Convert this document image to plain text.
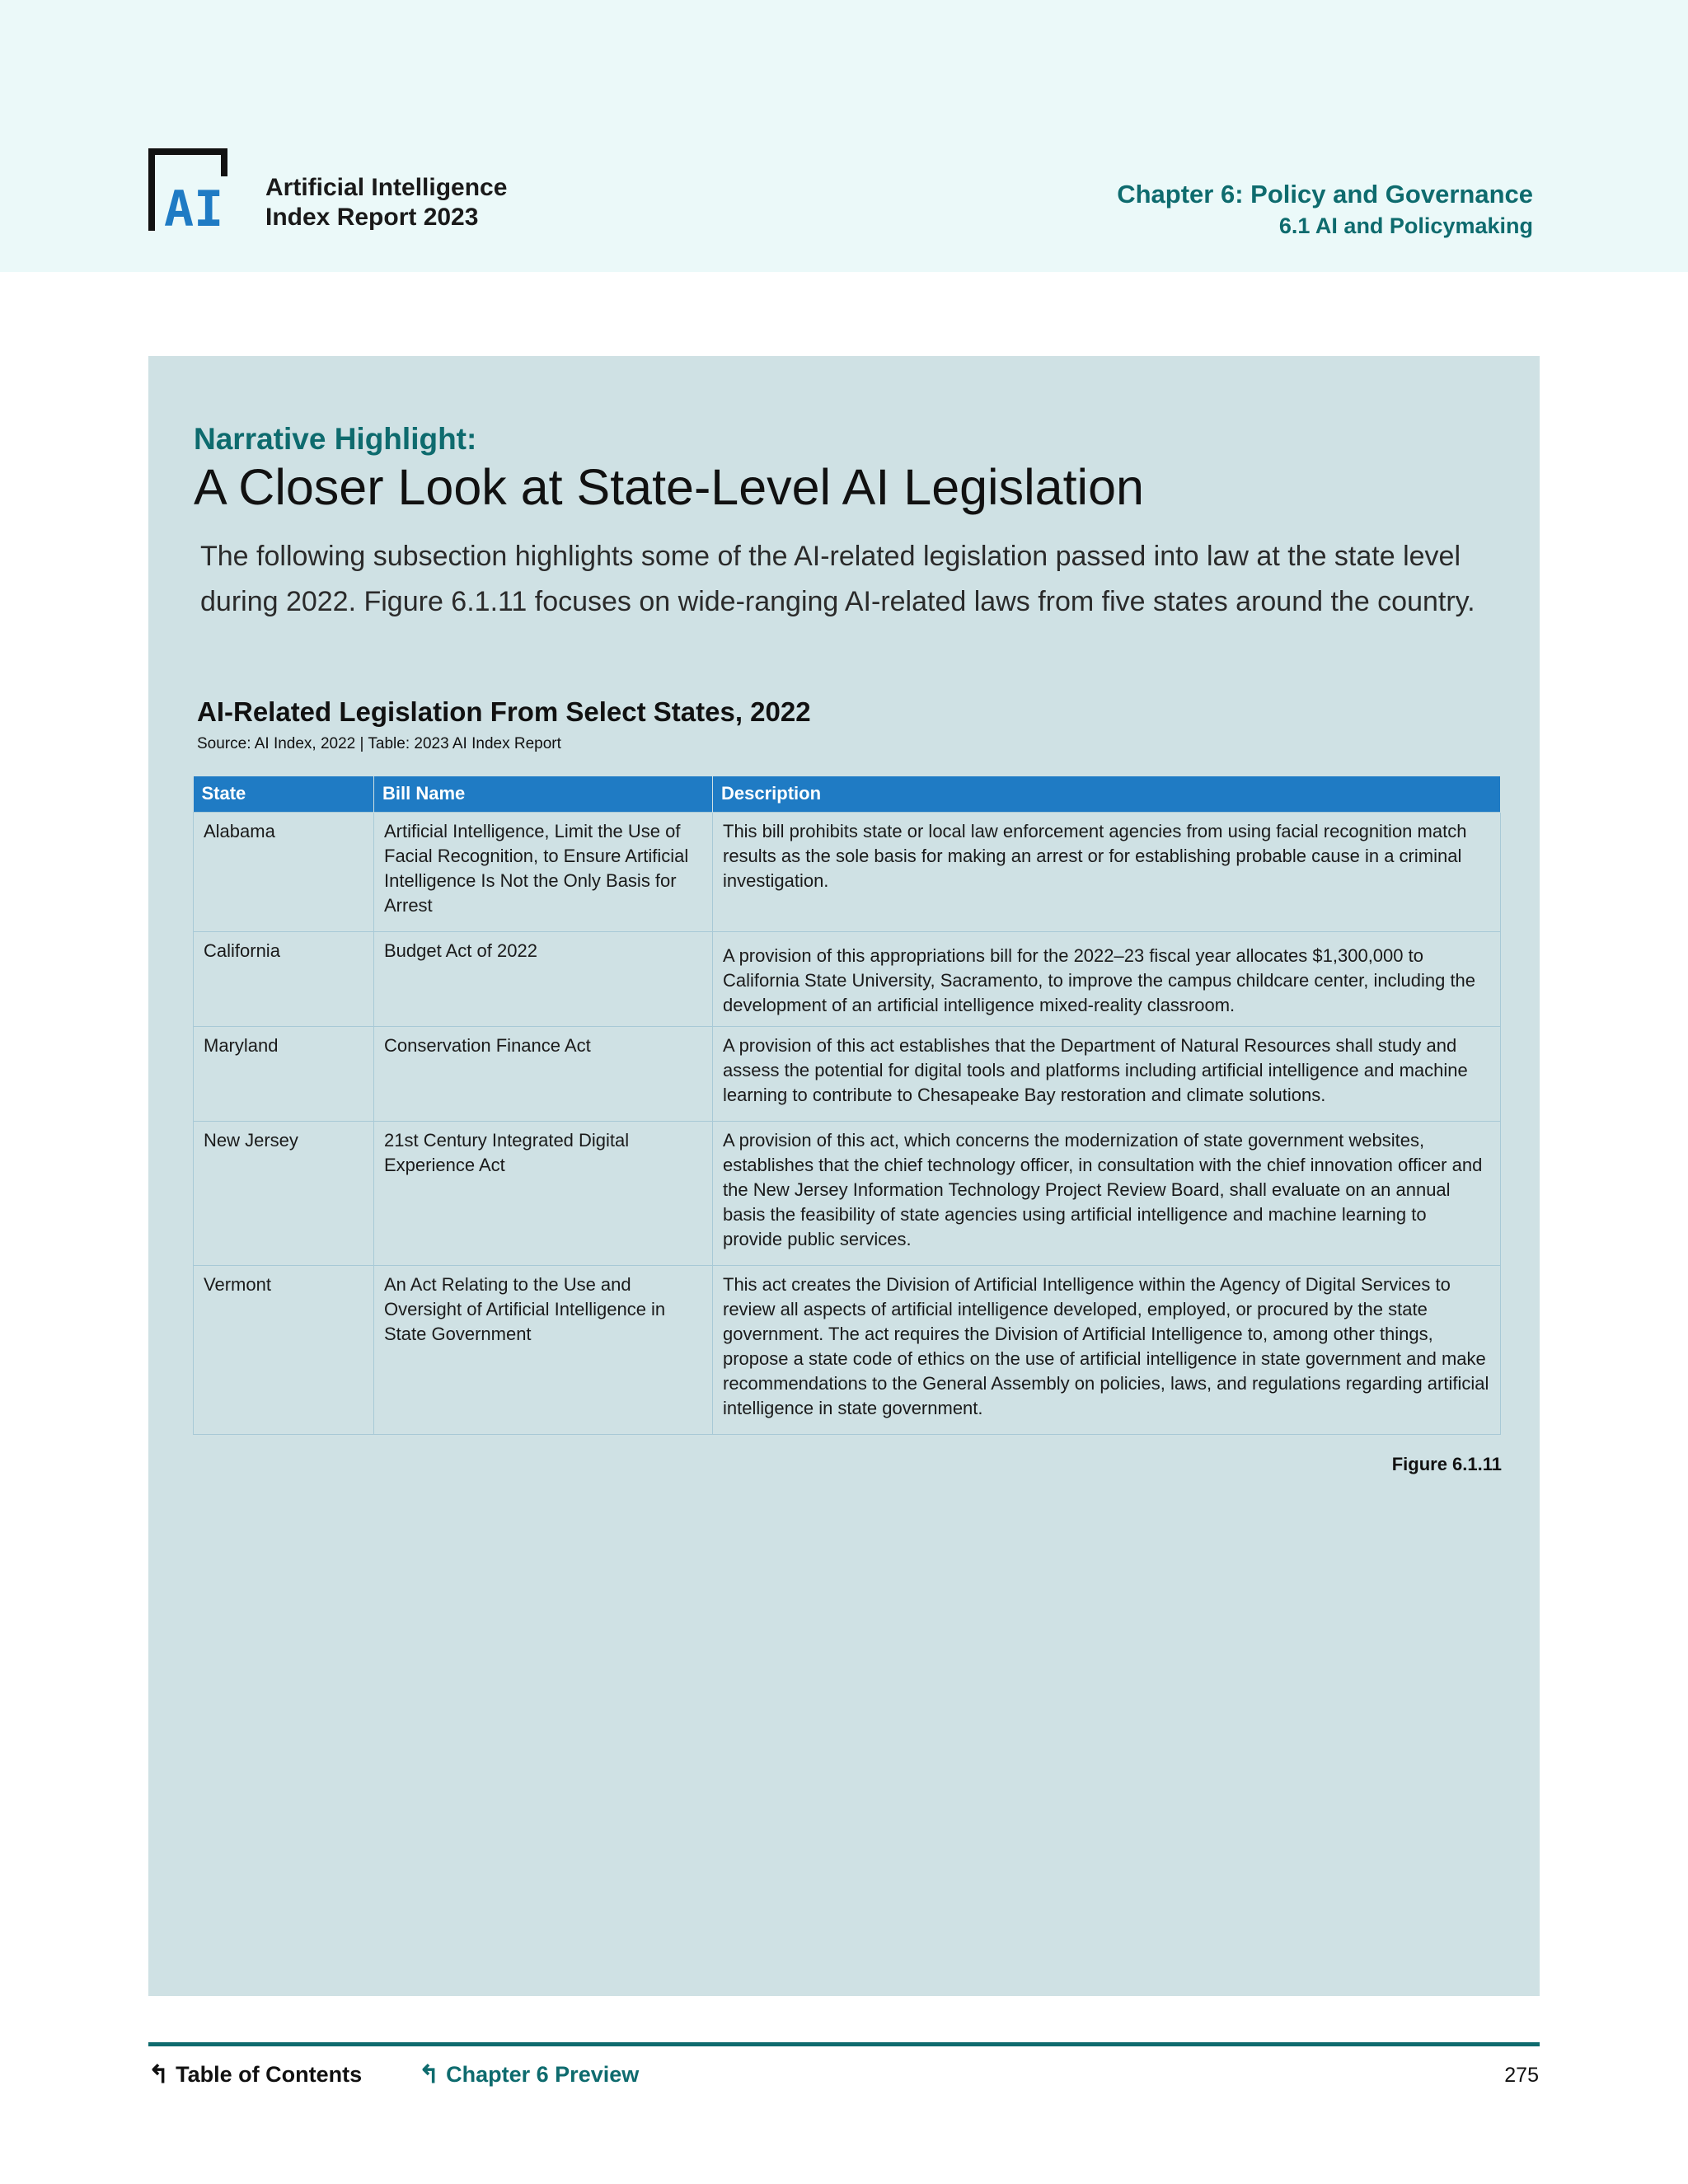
AI Artificial Intelligence
Index Report 2023
Chapter 6: Policy and Governance
6.1 AI and Policymaking
Narrative Highlight:
A Closer Look at State-Level AI Legislation
The following subsection highlights some of the AI-related legislation passed into law at the state level during 2022. Figure 6.1.11 focuses on wide-ranging AI-related laws from five states around the country.
AI-Related Legislation From Select States, 2022
Source: AI Index, 2022 | Table: 2023 AI Index Report
State	Bill Name	Description
Alabama	Artificial Intelligence, Limit the Use of Facial Recognition, to Ensure Artificial Intelligence Is Not the Only Basis for Arrest	This bill prohibits state or local law enforcement agencies from using facial recognition match results as the sole basis for making an arrest or for establishing probable cause in a criminal investigation.
California	Budget Act of 2022	A provision of this appropriations bill for the 2022–23 fiscal year allocates $1,300,000 to California State University, Sacramento, to improve the campus childcare center, including the development of an artificial intelligence mixed-reality classroom.
Maryland	Conservation Finance Act	A provision of this act establishes that the Department of Natural Resources shall study and assess the potential for digital tools and platforms including artificial intelligence and machine learning to contribute to Chesapeake Bay restoration and climate solutions.
New Jersey	21st Century Integrated Digital Experience Act	A provision of this act, which concerns the modernization of state government websites, establishes that the chief technology officer, in consultation with the chief innovation officer and the New Jersey Information Technology Project Review Board, shall evaluate on an annual basis the feasibility of state agencies using artificial intelligence and machine learning to provide public services.
Vermont	An Act Relating to the Use and Oversight of Artificial Intelligence in State Government	This act creates the Division of Artificial Intelligence within the Agency of Digital Services to review all aspects of artificial intelligence developed, employed, or procured by the state government. The act requires the Division of Artificial Intelligence to, among other things, propose a state code of ethics on the use of artificial intelligence in state government and make recommendations to the General Assembly on policies, laws, and regulations regarding artificial intelligence in state government.
Figure 6.1.11
↰ Table of Contents ↰ Chapter 6 Preview	275
